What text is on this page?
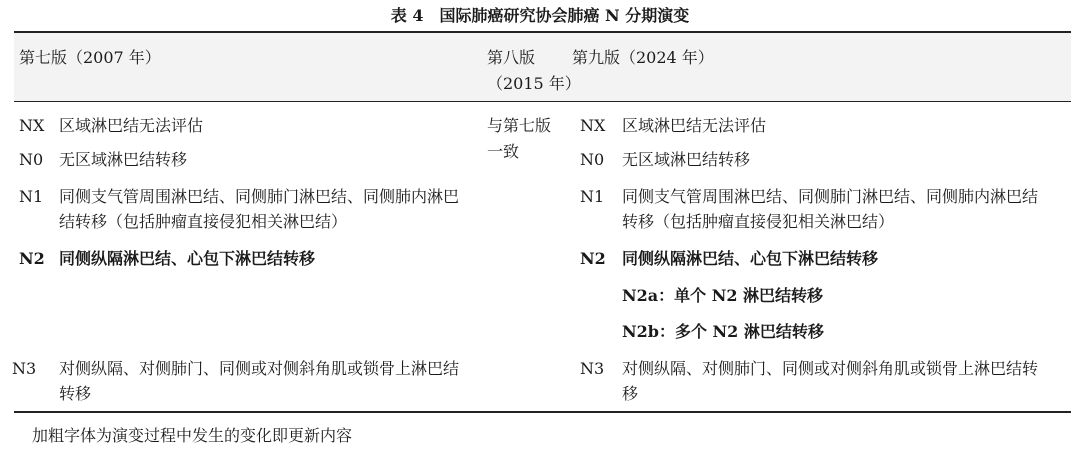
表 4　国际肺癌研究协会肺癌 N 分期演变
第七版（2007 年）	第八版
（2015 年）
第九版（2024 年）
与第七版
一致
NX 区域淋巴结无法评估
N0 无区域淋巴结转移
N1 同侧支气管周围淋巴结、同侧肺门淋巴结、同侧肺内淋巴
结转移（包括肿瘤直接侵犯相关淋巴结）
N2 同侧纵隔淋巴结、心包下淋巴结转移
N3 对侧纵隔、对侧肺门、同侧或对侧斜角肌或锁骨上淋巴结
转移
NX 区域淋巴结无法评估
N0 无区域淋巴结转移
N1 同侧支气管周围淋巴结、同侧肺门淋巴结、同侧肺内淋巴结
转移（包括肿瘤直接侵犯相关淋巴结）
N2 同侧纵隔淋巴结、心包下淋巴结转移
N2a：单个 N2 淋巴结转移
N2b：多个 N2 淋巴结转移
N3 对侧纵隔、对侧肺门、同侧或对侧斜角肌或锁骨上淋巴结转
移
加粗字体为演变过程中发生的变化即更新内容
